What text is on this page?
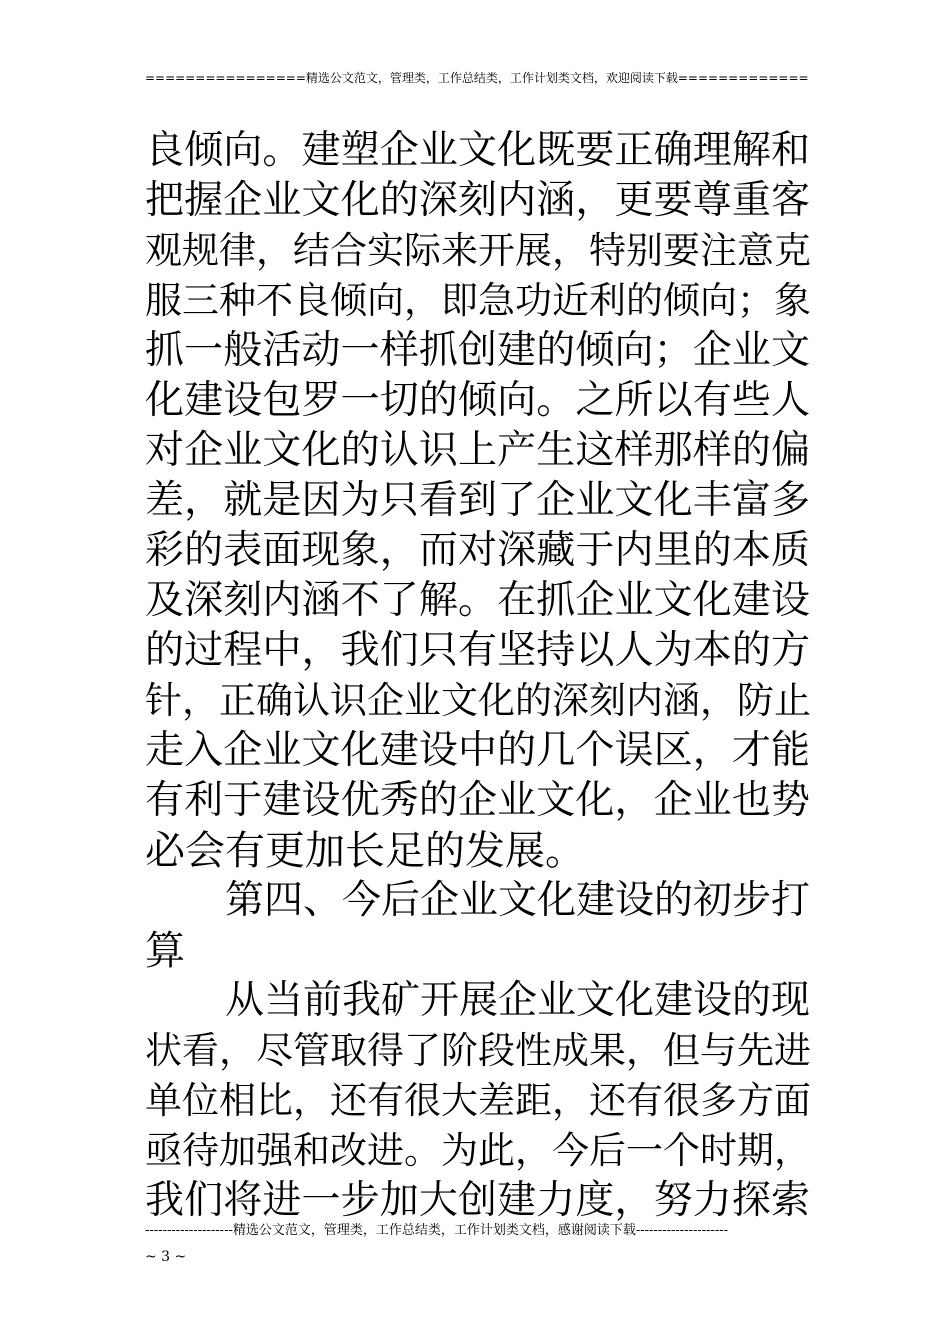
================精选公文范文，管理类，工作总结类，工作计划类文档，欢迎阅读下载=============
良倾向。建塑企业文化既要正确理解和
把握企业文化的深刻内涵，更要尊重客
观规律，结合实际来开展，特别要注意克
服三种不良倾向，即急功近利的倾向；象
抓一般活动一样抓创建的倾向；企业文
化建设包罗一切的倾向。之所以有些人
对企业文化的认识上产生这样那样的偏
差，就是因为只看到了企业文化丰富多
彩的表面现象，而对深藏于内里的本质
及深刻内涵不了解。在抓企业文化建设
的过程中，我们只有坚持以人为本的方
针，正确认识企业文化的深刻内涵，防止
走入企业文化建设中的几个误区，才能
有利于建设优秀的企业文化，企业也势
必会有更加长足的发展。
第四、今后企业文化建设的初步打
算
从当前我矿开展企业文化建设的现
状看，尽管取得了阶段性成果，但与先进
单位相比，还有很大差距，还有很多方面
亟待加强和改进。为此，今后一个时期，
我们将进一步加大创建力度，努力探索
--------------------精选公文范文，管理类，工作总结类，工作计划类文档，感谢阅读下载---------------------
~ 3 ~
